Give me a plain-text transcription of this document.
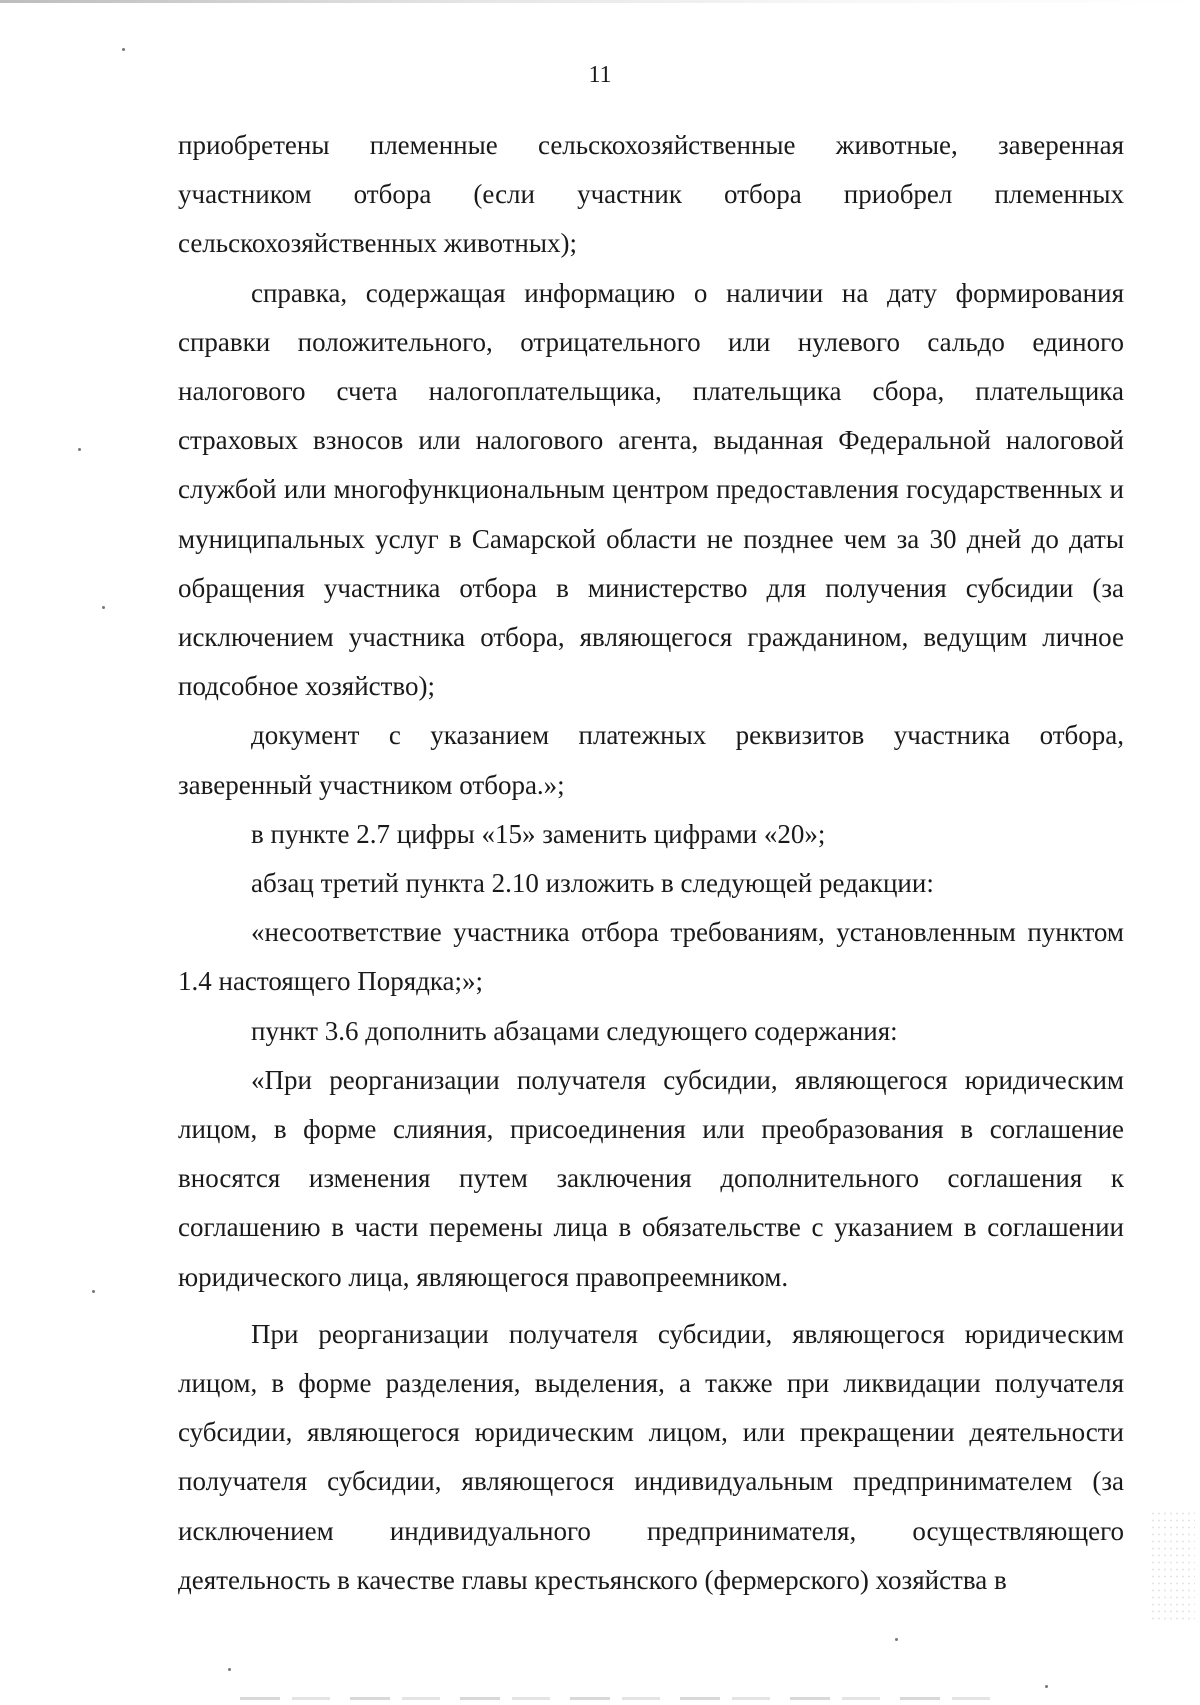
11

приобретены племенные сельскохозяйственные животные, заверенная участником отбора (если участник отбора приобрел племенных сельскохозяйственных животных);

справка, содержащая информацию о наличии на дату формирования справки положительного, отрицательного или нулевого сальдо единого налогового счета налогоплательщика, плательщика сбора, плательщика страховых взносов или налогового агента, выданная Федеральной налоговой службой или многофункциональным центром предоставления государственных и муниципальных услуг в Самарской области не позднее чем за 30 дней до даты обращения участника отбора в министерство для получения субсидии (за исключением участника отбора, являющегося гражданином, ведущим личное подсобное хозяйство);

документ с указанием платежных реквизитов участника отбора, заверенный участником отбора.»;

в пункте 2.7 цифры «15» заменить цифрами «20»;

абзац третий пункта 2.10 изложить в следующей редакции:

«несоответствие участника отбора требованиям, установленным пунктом 1.4 настоящего Порядка;»;

пункт 3.6 дополнить абзацами следующего содержания:

«При реорганизации получателя субсидии, являющегося юридическим лицом, в форме слияния, присоединения или преобразования в соглашение вносятся изменения путем заключения дополнительного соглашения к соглашению в части перемены лица в обязательстве с указанием в соглашении юридического лица, являющегося правопреемником.

При реорганизации получателя субсидии, являющегося юридическим лицом, в форме разделения, выделения, а также при ликвидации получателя субсидии, являющегося юридическим лицом, или прекращении деятельности получателя субсидии, являющегося индивидуальным предпринимателем (за исключением индивидуального предпринимателя, осуществляющего деятельность в качестве главы крестьянского (фермерского) хозяйства в
